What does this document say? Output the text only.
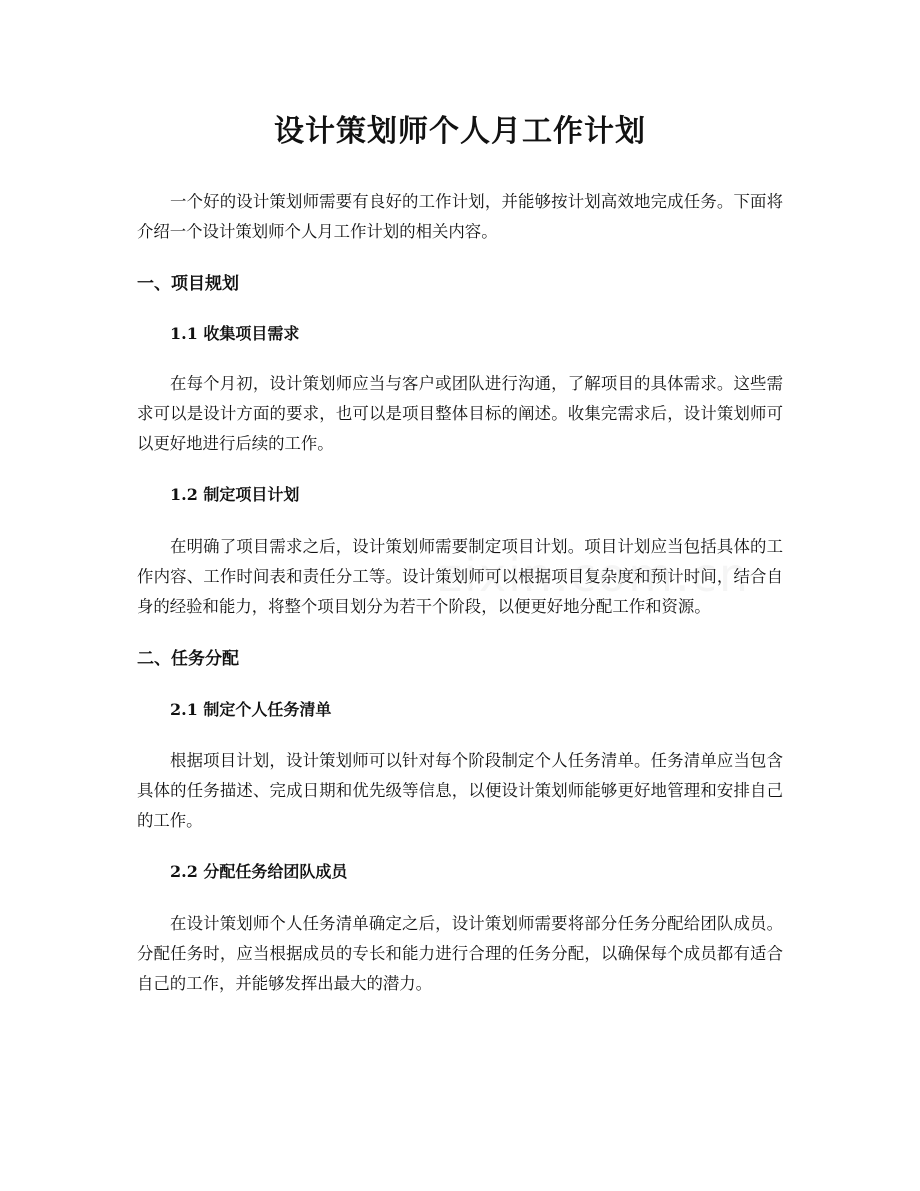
设计策划师个人月工作计划

一个好的设计策划师需要有良好的工作计划，并能够按计划高效地完成任务。下面将介绍一个设计策划师个人月工作计划的相关内容。

一、项目规划
1.1 收集项目需求

在每个月初，设计策划师应当与客户或团队进行沟通，了解项目的具体需求。这些需求可以是设计方面的要求，也可以是项目整体目标的阐述。收集完需求后，设计策划师可以更好地进行后续的工作。

1.2 制定项目计划

在明确了项目需求之后，设计策划师需要制定项目计划。项目计划应当包括具体的工作内容、工作时间表和责任分工等。设计策划师可以根据项目复杂度和预计时间，结合自身的经验和能力，将整个项目划分为若干个阶段，以便更好地分配工作和资源。

二、任务分配
2.1 制定个人任务清单

根据项目计划，设计策划师可以针对每个阶段制定个人任务清单。任务清单应当包含具体的任务描述、完成日期和优先级等信息，以便设计策划师能够更好地管理和安排自己的工作。

2.2 分配任务给团队成员

在设计策划师个人任务清单确定之后，设计策划师需要将部分任务分配给团队成员。分配任务时，应当根据成员的专长和能力进行合理的任务分配，以确保每个成员都有适合自己的工作，并能够发挥出最大的潜力。
